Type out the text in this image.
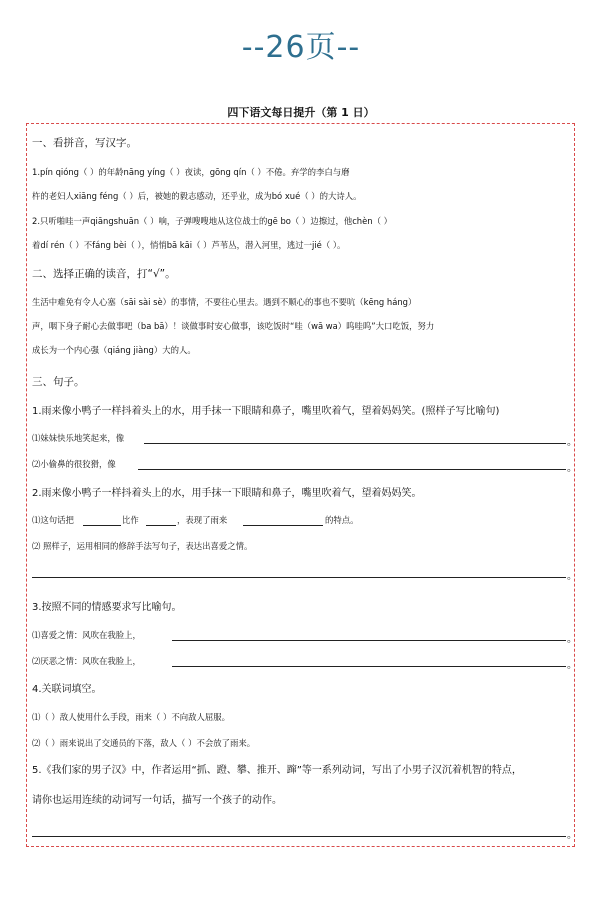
--26页--
四下语文每日提升（第 1 日）
一、看拼音，写汉字。
1.pín qióng（ ）的年龄nāng yíng（ ）夜读，gōng qín（ ）不倦。弃学的李白与磨
杵的老妇人xiāng féng（ ）后，被她的毅志感动，还乎业，成为bó xué（ ）的大诗人。
2.只听啪哇一声qiāngshuān（ ）响，子弹嗖嗖地从这位战士的gē bo（ ）边擦过，他chèn（ ）
着dí rén（ ）不fáng bèi（ ），悄悄bā kāi（ ）芦苇丛，潜入河里，逃过一jié（ ）。
二、选择正确的读音，打“√”。
生活中难免有令人心塞（sāi sài sè）的事情，不要往心里去。遇到不顺心的事也不要吭（kēng háng）
声，咽下身子耐心去做事吧（ba bā）！谈做事时安心做事，该吃饭时“哇（wā wa）呜哇呜”大口吃饭，努力
成长为一个内心强（qiáng jiàng）大的人。
三、句子。
1.雨来像小鸭子一样抖着头上的水，用手抹一下眼睛和鼻子，嘴里吹着气，望着妈妈笑。(照样子写比喻句)
⑴妹妹快乐地笑起来，像	。
⑵小偷鼻的很狡猾，像	。
2.雨来像小鸭子一样抖着头上的水，用手抹一下眼睛和鼻子，嘴里吹着气，望着妈妈笑。
⑴这句话把	比作	，表现了雨来	的特点。
⑵ 照样子，运用相同的修辞手法写句子，表达出喜爱之情。
。
3.按照不同的情感要求写比喻句。
⑴喜爱之情：风吹在我脸上，	。
⑵厌恶之情：风吹在我脸上，	。
4.关联词填空。
⑴（ ）敌人使用什么手段，雨来（ ）不向敌人屈服。
⑵（ ）雨来说出了交通员的下落，敌人（ ）不会放了雨来。
5.《我们家的男子汉》中，作者运用“抓、蹬、攀、推开、蹿”等一系列动词，写出了小男子汉沉着机智的特点，
请你也运用连续的动词写一句话，描写一个孩子的动作。
。
